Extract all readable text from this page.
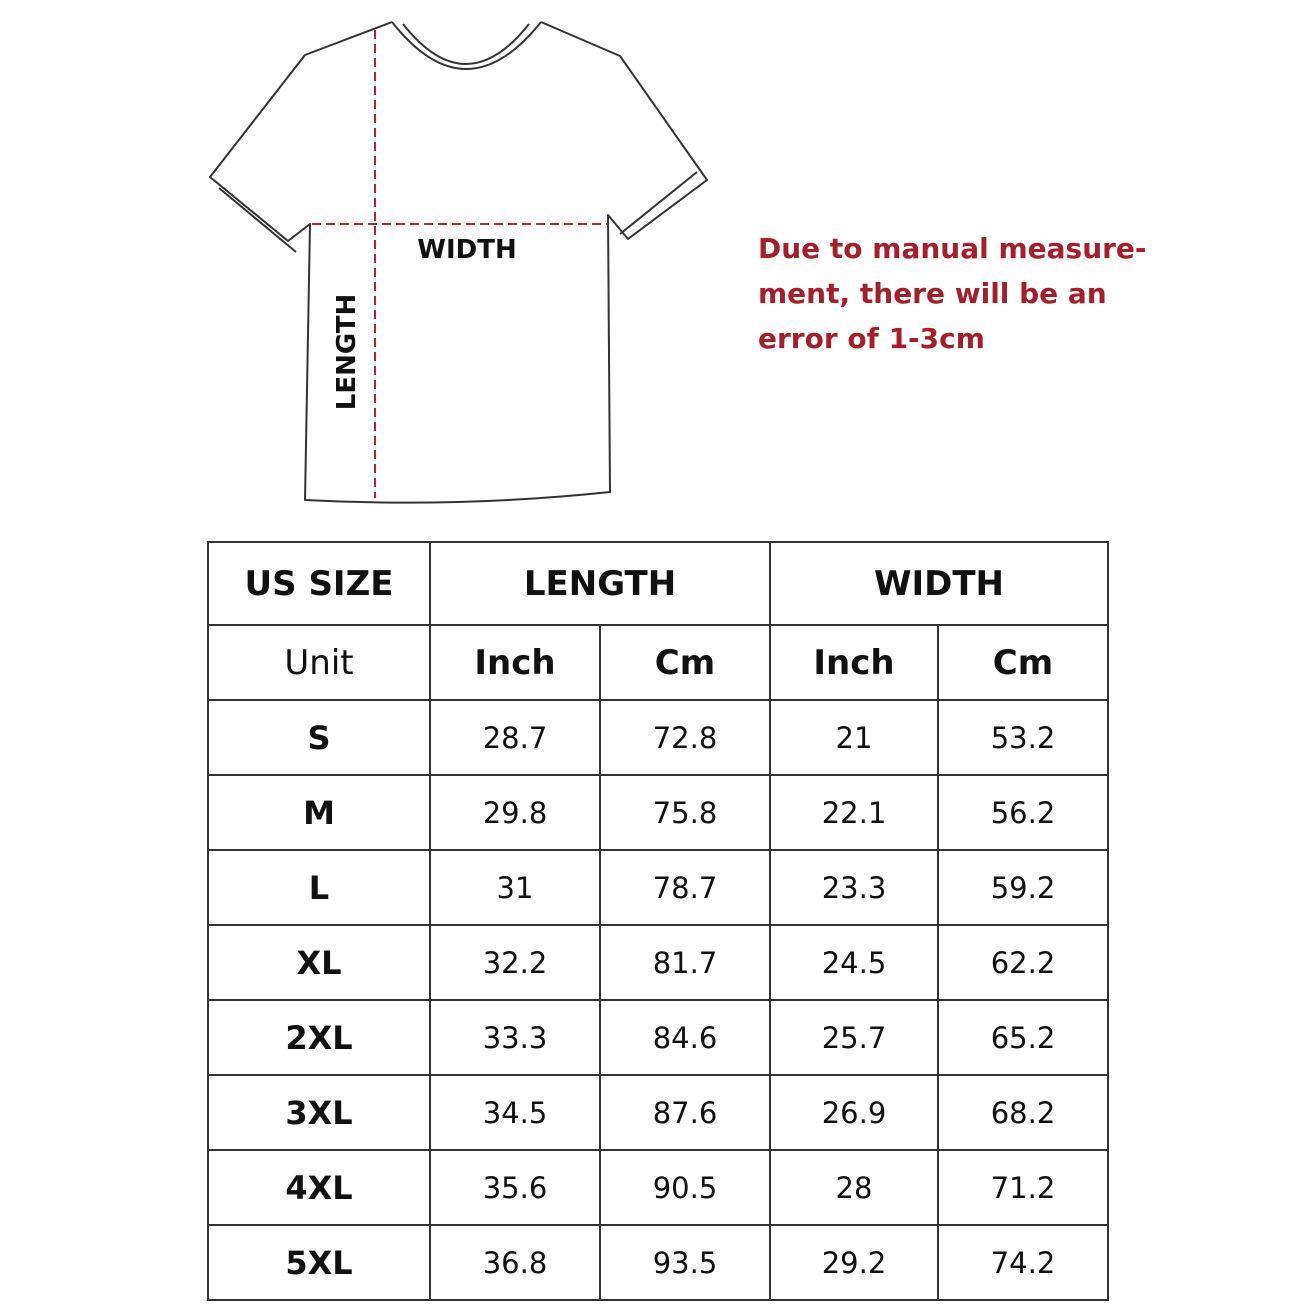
WIDTH
LENGTH

Due to manual measure-
ment, there will be an
error of 1-3cm

US SIZE	LENGTH		WIDTH	
Unit	Inch	Cm	Inch	Cm
S	28.7	72.8	21	53.2
M	29.8	75.8	22.1	56.2
L	31	78.7	23.3	59.2
XL	32.2	81.7	24.5	62.2
2XL	33.3	84.6	25.7	65.2
3XL	34.5	87.6	26.9	68.2
4XL	35.6	90.5	28	71.2
5XL	36.8	93.5	29.2	74.2
